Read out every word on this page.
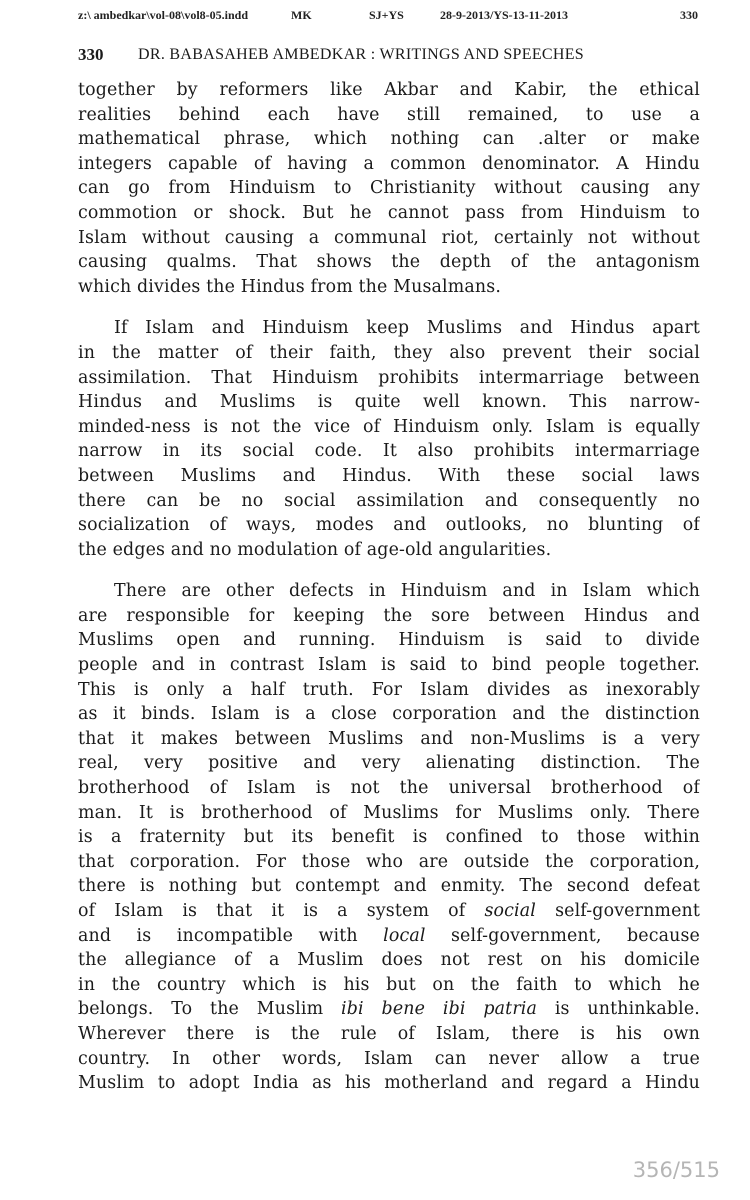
z:\ ambedkar\vol-08\vol8-05.indd	MK	SJ+YS	28-9-2013/YS-13-11-2013	330
330 DR. BABASAHEB AMBEDKAR : WRITINGS AND SPEECHES
together by reformers like Akbar and Kabir, the ethical
realities behind each have still remained, to use a
mathematical phrase, which nothing can .alter or make
integers capable of having a common denominator. A Hindu
can go from Hinduism to Christianity without causing any
commotion or shock. But he cannot pass from Hinduism to
Islam without causing a communal riot, certainly not without
causing qualms. That shows the depth of the antagonism
which divides the Hindus from the Musalmans.
If Islam and Hinduism keep Muslims and Hindus apart
in the matter of their faith, they also prevent their social
assimilation. That Hinduism prohibits intermarriage between
Hindus and Muslims is quite well known. This narrow-
minded-ness is not the vice of Hinduism only. Islam is equally
narrow in its social code. It also prohibits intermarriage
between Muslims and Hindus. With these social laws
there can be no social assimilation and consequently no
socialization of ways, modes and outlooks, no blunting of
the edges and no modulation of age-old angularities.
There are other defects in Hinduism and in Islam which
are responsible for keeping the sore between Hindus and
Muslims open and running. Hinduism is said to divide
people and in contrast Islam is said to bind people together.
This is only a half truth. For Islam divides as inexorably
as it binds. Islam is a close corporation and the distinction
that it makes between Muslims and non-Muslims is a very
real, very positive and very alienating distinction. The
brotherhood of Islam is not the universal brotherhood of
man. It is brotherhood of Muslims for Muslims only. There
is a fraternity but its benefit is confined to those within
that corporation. For those who are outside the corporation,
there is nothing but contempt and enmity. The second defeat
of Islam is that it is a system of social self-government
and is incompatible with local self-government, because
the allegiance of a Muslim does not rest on his domicile
in the country which is his but on the faith to which he
belongs. To the Muslim ibi bene ibi patria is unthinkable.
Wherever there is the rule of Islam, there is his own
country. In other words, Islam can never allow a true
Muslim to adopt India as his motherland and regard a Hindu
356/515
